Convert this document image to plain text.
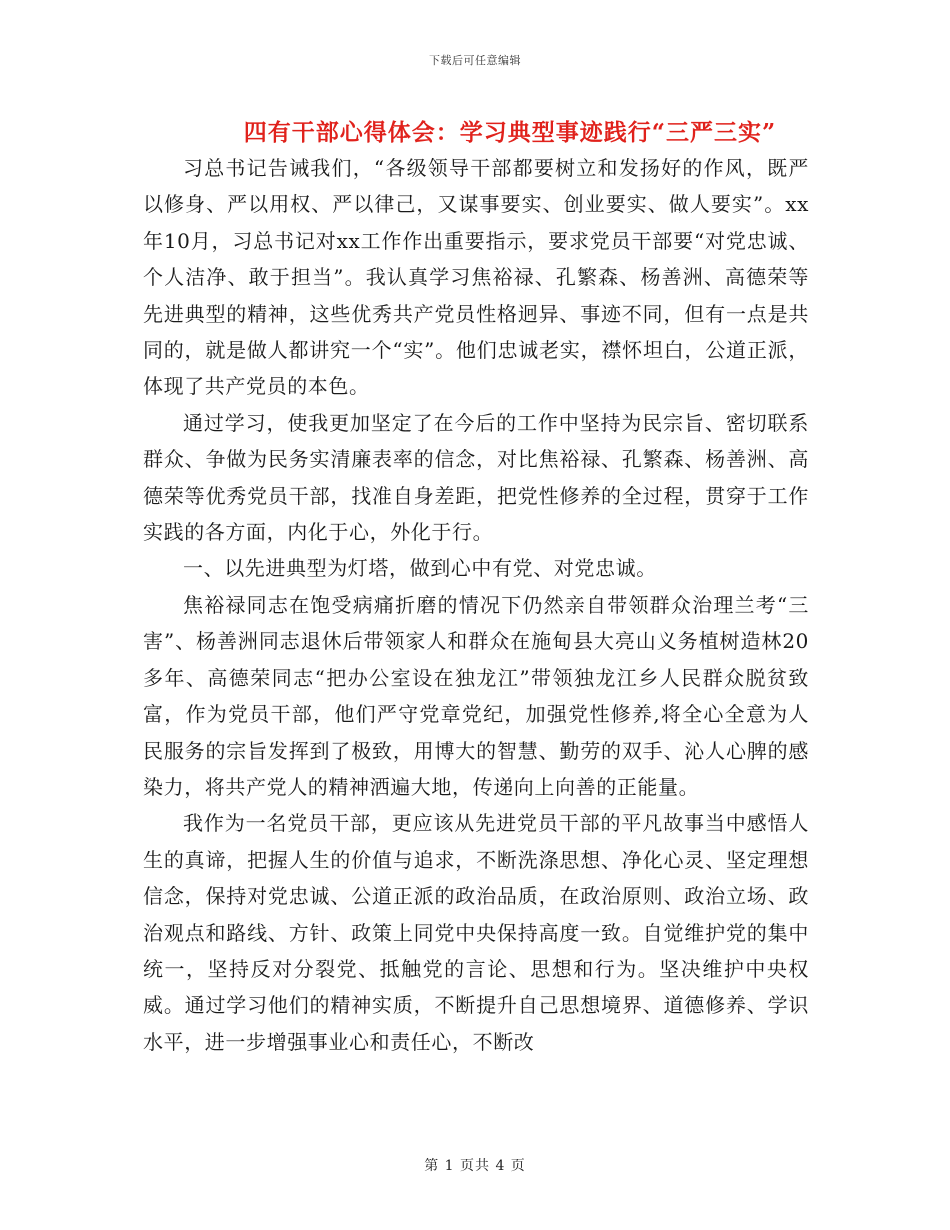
下载后可任意编辑
四有干部心得体会：学习典型事迹践行“三严三实”

习总书记告诫我们，“各级领导干部都要树立和发扬好的作风，既严以修身、严以用权、严以律己，又谋事要实、创业要实、做人要实”。xx年10月，习总书记对xx工作作出重要指示，要求党员干部要“对党忠诚、个人洁净、敢于担当”。我认真学习焦裕禄、孔繁森、杨善洲、高德荣等先进典型的精神，这些优秀共产党员性格迥异、事迹不同，但有一点是共同的，就是做人都讲究一个“实”。他们忠诚老实，襟怀坦白，公道正派，体现了共产党员的本色。

通过学习，使我更加坚定了在今后的工作中坚持为民宗旨、密切联系群众、争做为民务实清廉表率的信念，对比焦裕禄、孔繁森、杨善洲、高德荣等优秀党员干部，找准自身差距，把党性修养的全过程，贯穿于工作实践的各方面，内化于心，外化于行。

一、以先进典型为灯塔，做到心中有党、对党忠诚。

焦裕禄同志在饱受病痛折磨的情况下仍然亲自带领群众治理兰考“三害”、杨善洲同志退休后带领家人和群众在施甸县大亮山义务植树造林20多年、高德荣同志“把办公室设在独龙江”带领独龙江乡人民群众脱贫致富，作为党员干部，他们严守党章党纪，加强党性修养,将全心全意为人民服务的宗旨发挥到了极致，用博大的智慧、勤劳的双手、沁人心脾的感染力，将共产党人的精神洒遍大地，传递向上向善的正能量。

我作为一名党员干部，更应该从先进党员干部的平凡故事当中感悟人生的真谛，把握人生的价值与追求，不断洗涤思想、净化心灵、坚定理想信念，保持对党忠诚、公道正派的政治品质，在政治原则、政治立场、政治观点和路线、方针、政策上同党中央保持高度一致。自觉维护党的集中统一，坚持反对分裂党、抵触党的言论、思想和行为。坚决维护中央权威。通过学习他们的精神实质，不断提升自己思想境界、道德修养、学识水平，进一步增强事业心和责任心，不断改

第 1 页共 4 页
